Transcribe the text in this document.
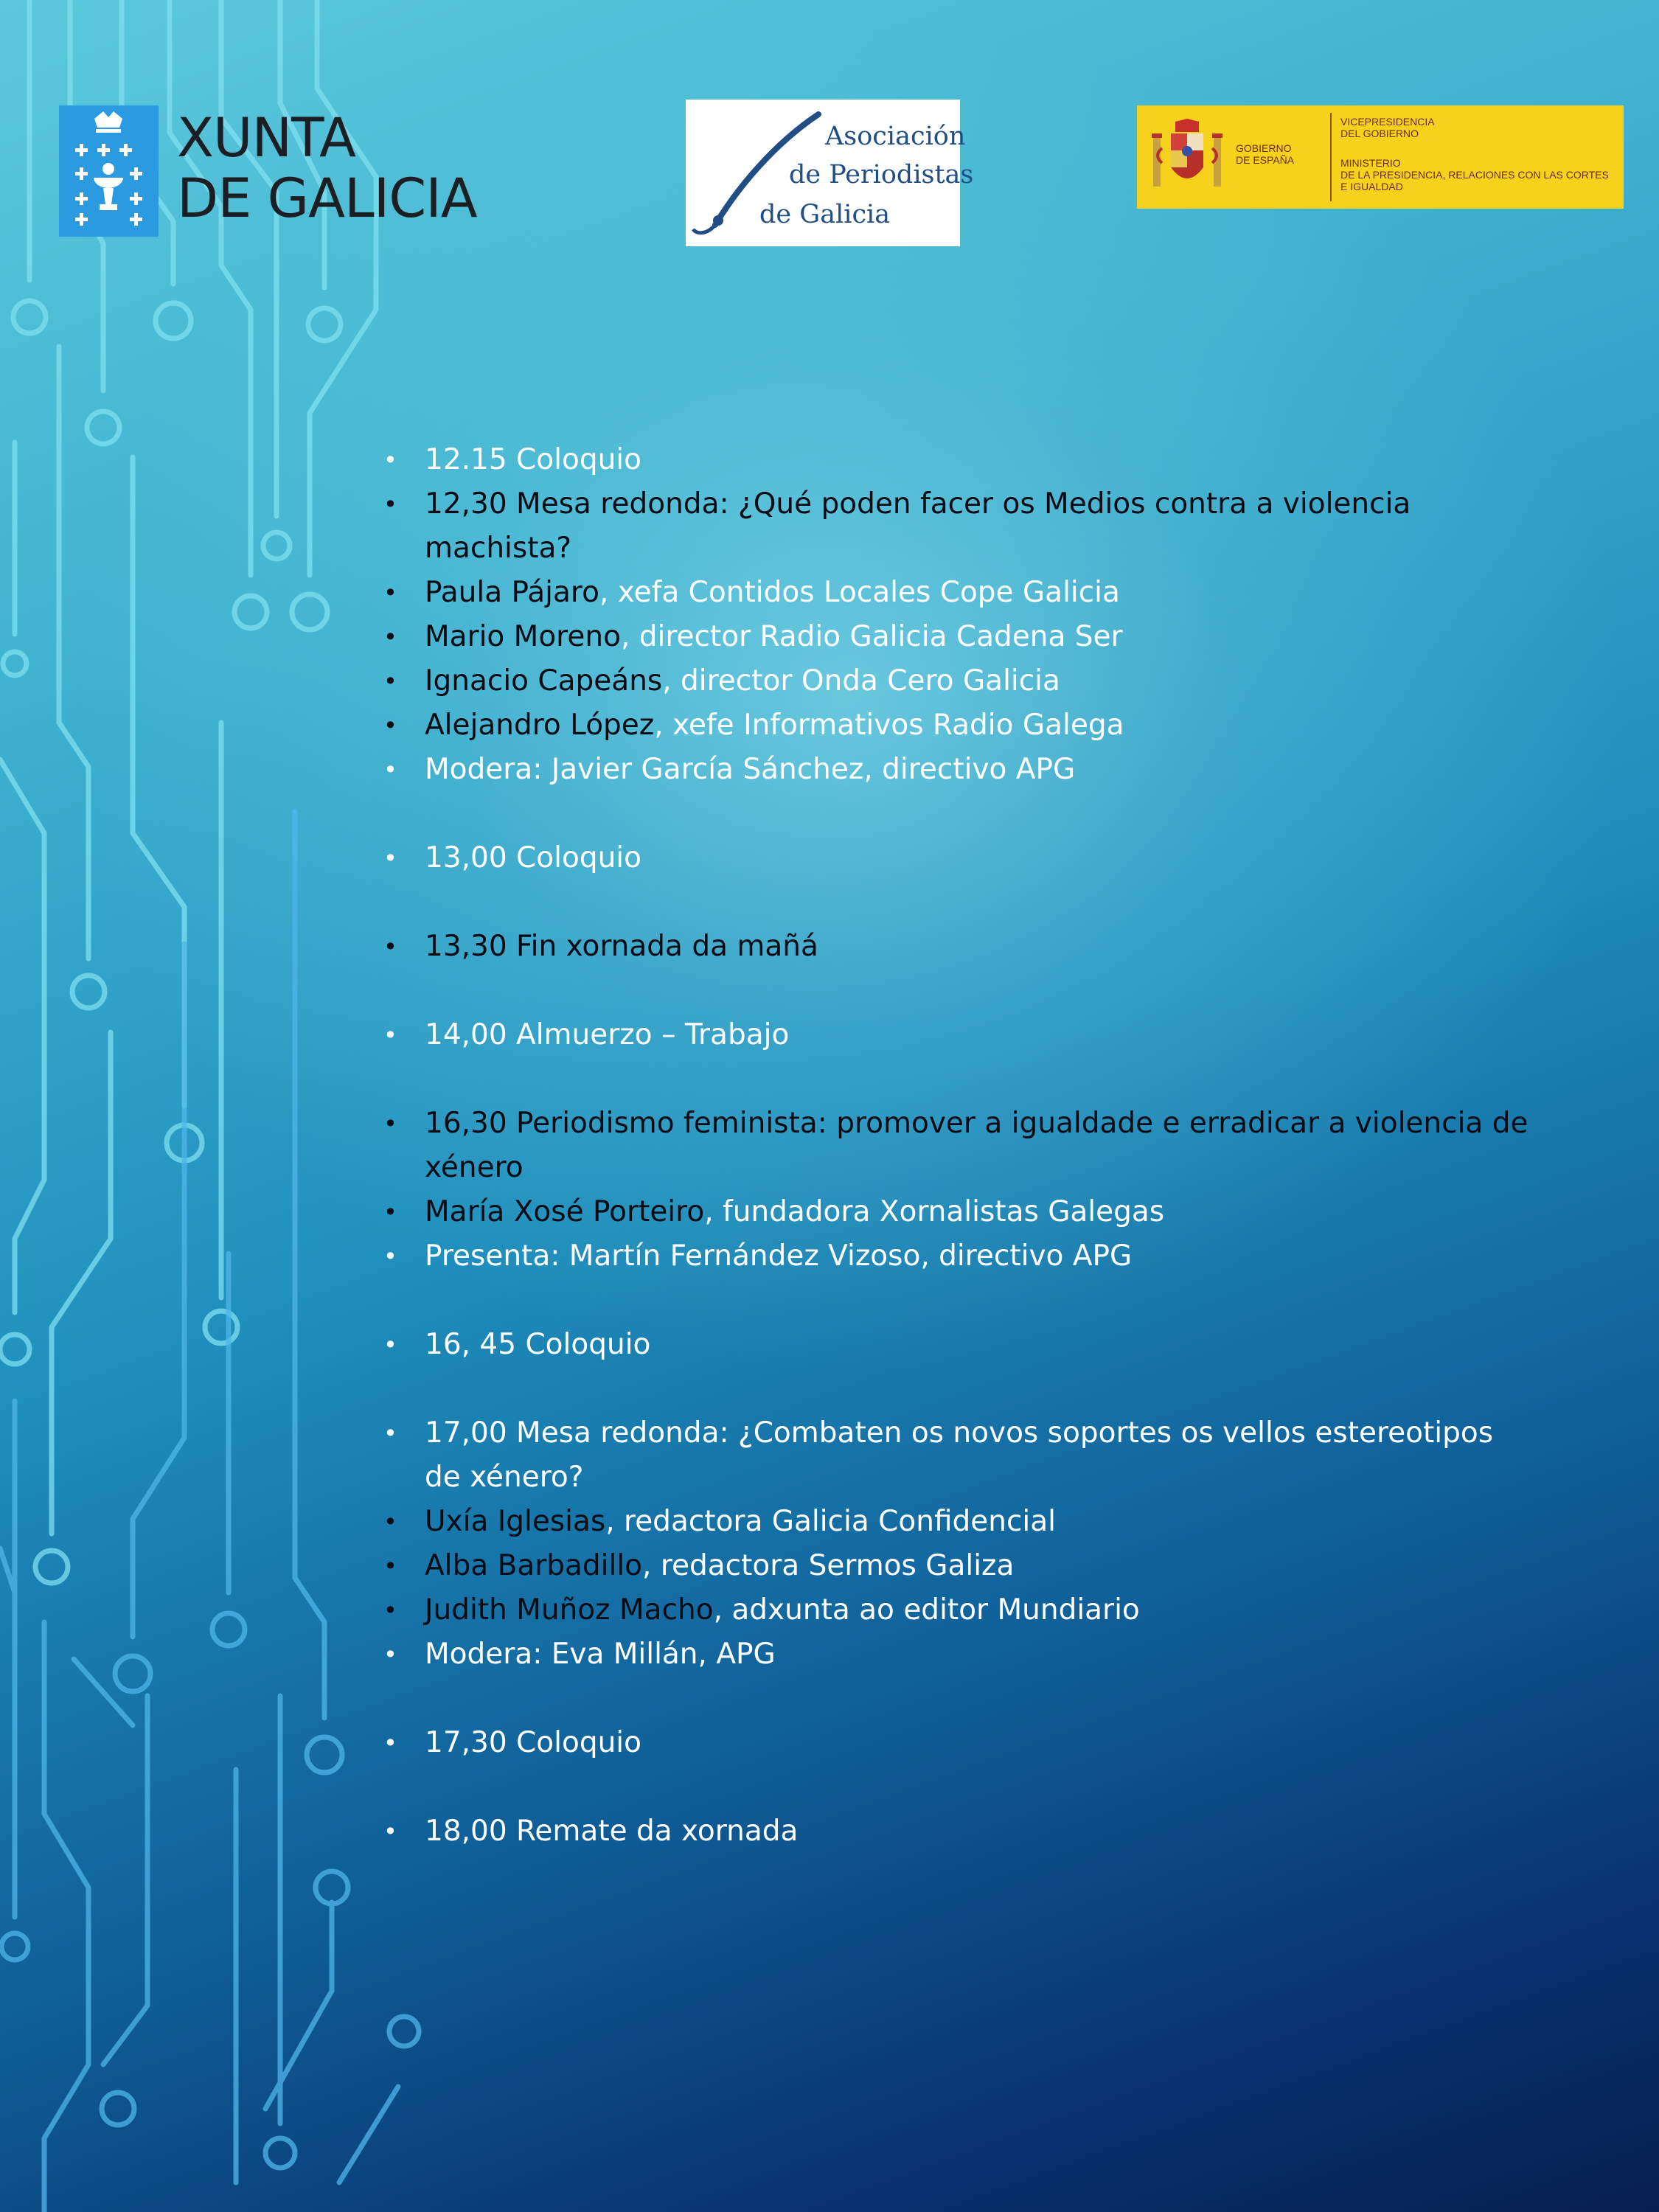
XUNTA
DE GALICIA
Asociación
de Periodistas
de Galicia
GOBIERNO
DE ESPAÑA
VICEPRESIDENCIA
DEL GOBIERNO
MINISTERIO
DE LA PRESIDENCIA, RELACIONES CON LAS CORTES
E IGUALDAD
• 12.15 Coloquio
• 12,30 Mesa redonda: ¿Qué poden facer os Medios contra a violencia machista?
• Paula Pájaro, xefa Contidos Locales Cope Galicia
• Mario Moreno, director Radio Galicia Cadena Ser
• Ignacio Capeáns, director Onda Cero Galicia
• Alejandro López, xefe Informativos Radio Galega
• Modera: Javier García Sánchez, directivo APG
• 13,00 Coloquio
• 13,30 Fin xornada da mañá
• 14,00 Almuerzo – Trabajo
• 16,30 Periodismo feminista: promover a igualdade e erradicar a violencia de xénero
• María Xosé Porteiro, fundadora Xornalistas Galegas
• Presenta: Martín Fernández Vizoso, directivo APG
• 16, 45 Coloquio
• 17,00 Mesa redonda: ¿Combaten os novos soportes os vellos estereotipos de xénero?
• Uxía Iglesias, redactora Galicia Confidencial
• Alba Barbadillo, redactora Sermos Galiza
• Judith Muñoz Macho, adxunta ao editor Mundiario
• Modera: Eva Millán, APG
• 17,30 Coloquio
• 18,00 Remate da xornada
